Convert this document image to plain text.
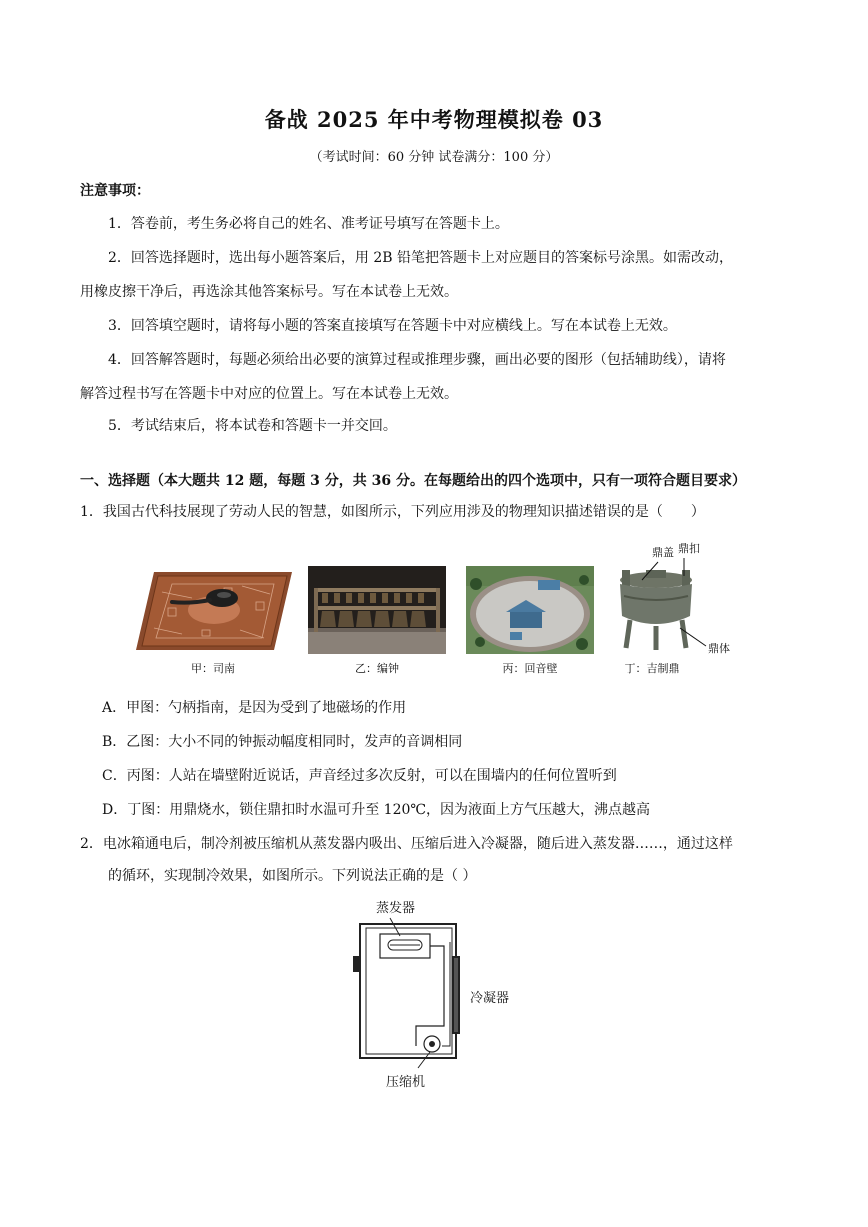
备战 2025 年中考物理模拟卷 03
（考试时间：60 分钟 试卷满分：100 分）
注意事项：
1．答卷前，考生务必将自己的姓名、准考证号填写在答题卡上。
2．回答选择题时，选出每小题答案后，用 2B 铅笔把答题卡上对应题目的答案标号涂黑。如需改动，
用橡皮擦干净后，再选涂其他答案标号。写在本试卷上无效。
3．回答填空题时，请将每小题的答案直接填写在答题卡中对应横线上。写在本试卷上无效。
4．回答解答题时，每题必须给出必要的演算过程或推理步骤，画出必要的图形（包括辅助线），请将
解答过程书写在答题卡中对应的位置上。写在本试卷上无效。
5．考试结束后，将本试卷和答题卡一并交回。
一、选择题（本大题共 12 题，每题 3 分，共 36 分。在每题给出的四个选项中，只有一项符合题目要求）
1．我国古代科技展现了劳动人民的智慧，如图所示，下列应用涉及的物理知识描述错误的是（　　）
甲：司南	乙：编钟	丙：回音壁
鼎盖 鼎扣
鼎体
丁：吉制鼎
A．甲图：勺柄指南，是因为受到了地磁场的作用
B．乙图：大小不同的钟振动幅度相同时，发声的音调相同
C．丙图：人站在墙壁附近说话，声音经过多次反射，可以在围墙内的任何位置听到
D．丁图：用鼎烧水，锁住鼎扣时水温可升至 120℃，因为液面上方气压越大，沸点越高
2．电冰箱通电后，制冷剂被压缩机从蒸发器内吸出、压缩后进入冷凝器，随后进入蒸发器……，通过这样
的循环，实现制冷效果，如图所示。下列说法正确的是（ ）
蒸发器
冷凝器
压缩机
